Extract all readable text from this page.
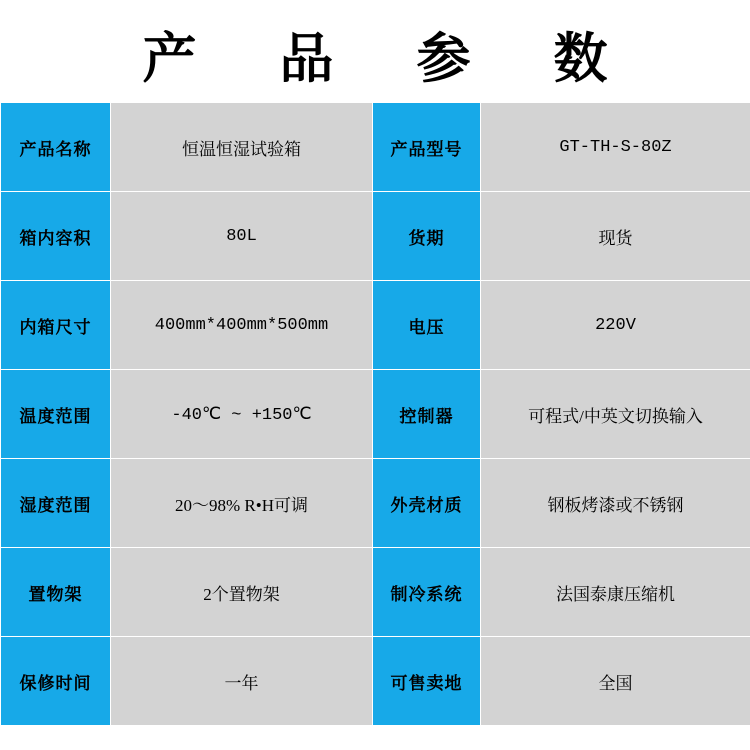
产 品 参 数
产品名称	恒温恒湿试验箱	产品型号	GT-TH-S-80Z
箱内容积	80L	货期	现货
内箱尺寸	400mm*400mm*500mm	电压	220V
温度范围	-40℃ ~ +150℃	控制器	可程式/中英文切换输入
湿度范围	20～98% R•H可调	外壳材质	钢板烤漆或不锈钢
置物架	2个置物架	制冷系统	法国泰康压缩机
保修时间	一年	可售卖地	全国
